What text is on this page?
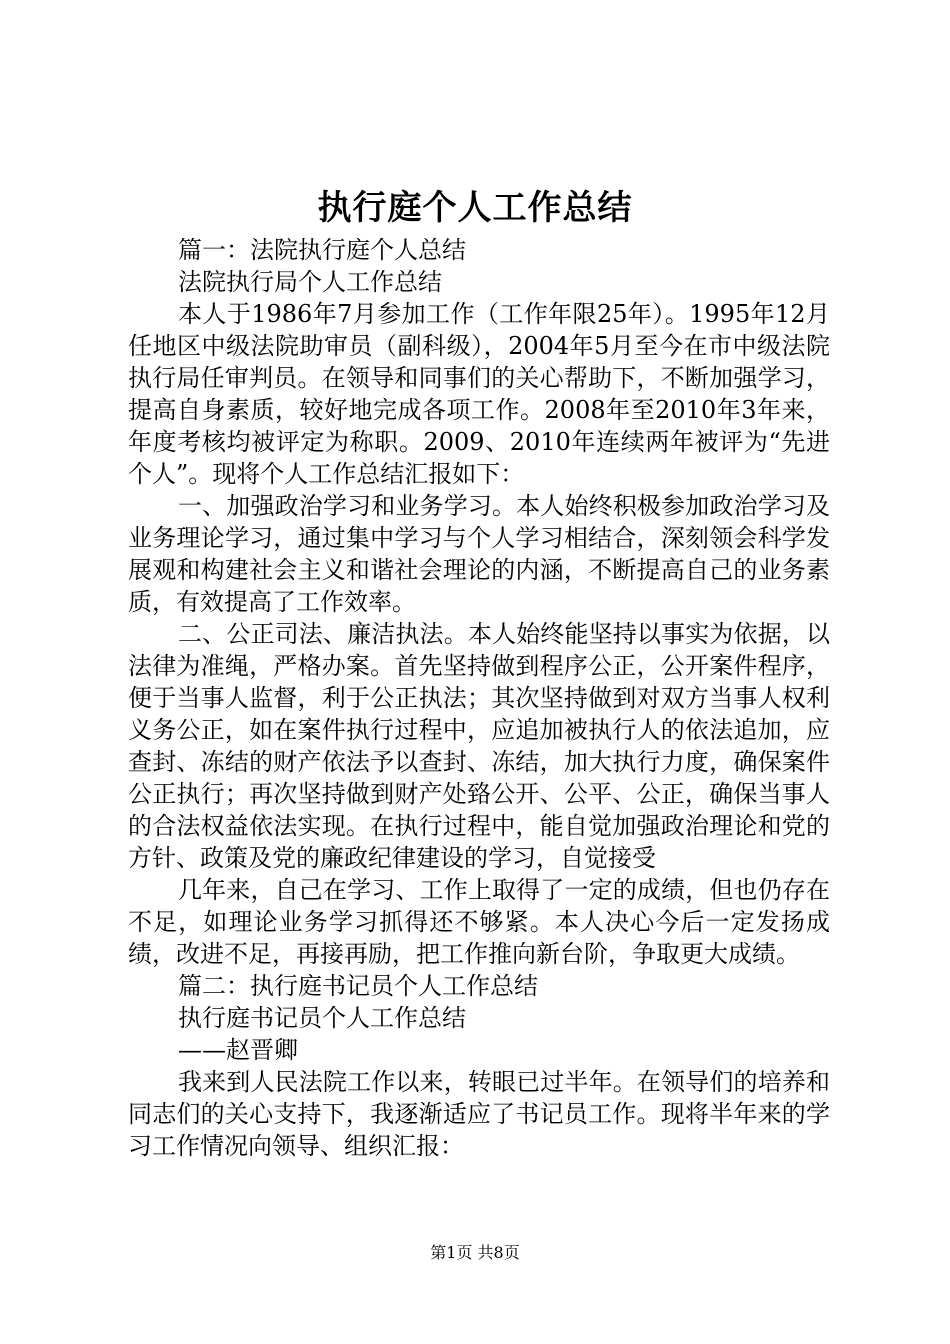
执行庭个人工作总结

篇一：法院执行庭个人总结

法院执行局个人工作总结

本人于1986年7月参加工作（工作年限25年）。1995年12月任地区中级法院助审员（副科级），2004年5月至今在市中级法院执行局任审判员。在领导和同事们的关心帮助下，不断加强学习，提高自身素质，较好地完成各项工作。2008年至2010年3年来，年度考核均被评定为称职。2009、2010年连续两年被评为“先进个人”。现将个人工作总结汇报如下：

一、加强政治学习和业务学习。本人始终积极参加政治学习及业务理论学习，通过集中学习与个人学习相结合，深刻领会科学发展观和构建社会主义和谐社会理论的内涵，不断提高自己的业务素质，有效提高了工作效率。

二、公正司法、廉洁执法。本人始终能坚持以事实为依据，以法律为准绳，严格办案。首先坚持做到程序公正，公开案件程序，便于当事人监督，利于公正执法；其次坚持做到对双方当事人权利义务公正，如在案件执行过程中，应追加被执行人的依法追加，应查封、冻结的财产依法予以查封、冻结，加大执行力度，确保案件公正执行；再次坚持做到财产处臵公开、公平、公正，确保当事人的合法权益依法实现。在执行过程中，能自觉加强政治理论和党的方针、政策及党的廉政纪律建设的学习，自觉接受

几年来，自己在学习、工作上取得了一定的成绩，但也仍存在不足，如理论业务学习抓得还不够紧。本人决心今后一定发扬成绩，改进不足，再接再励，把工作推向新台阶，争取更大成绩。

篇二：执行庭书记员个人工作总结

执行庭书记员个人工作总结

——赵晋卿

我来到人民法院工作以来，转眼已过半年。在领导们的培养和同志们的关心支持下，我逐渐适应了书记员工作。现将半年来的学习工作情况向领导、组织汇报：

第1页 共8页
